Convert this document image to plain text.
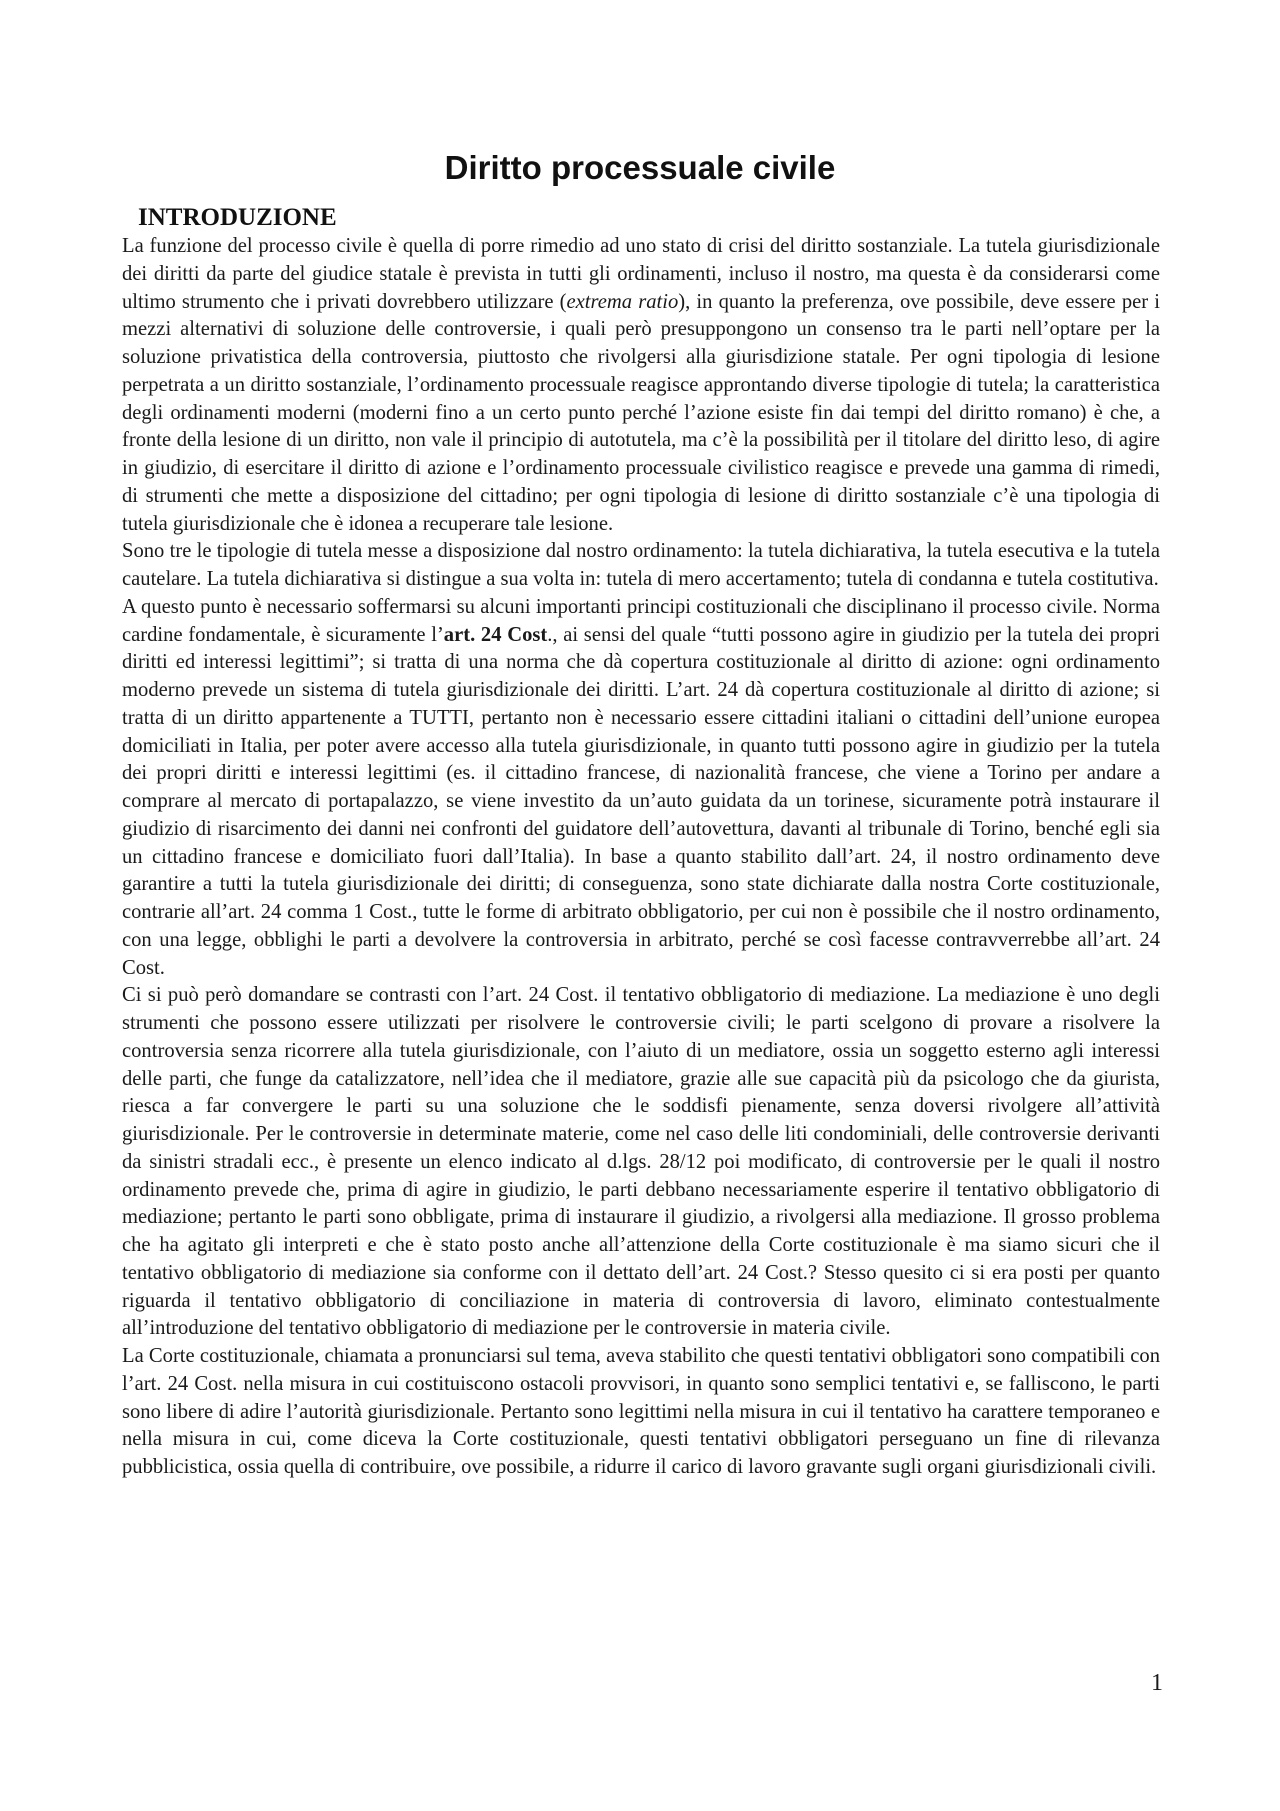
Diritto processuale civile
INTRODUZIONE

La funzione del processo civile è quella di porre rimedio ad uno stato di crisi del diritto sostanziale. La tutela giurisdizionale dei diritti da parte del giudice statale è prevista in tutti gli ordinamenti, incluso il nostro, ma questa è da considerarsi come ultimo strumento che i privati dovrebbero utilizzare (extrema ratio), in quanto la preferenza, ove possibile, deve essere per i mezzi alternativi di soluzione delle controversie, i quali però presuppongono un consenso tra le parti nell’optare per la soluzione privatistica della controversia, piuttosto che rivolgersi alla giurisdizione statale. Per ogni tipologia di lesione perpetrata a un diritto sostanziale, l’ordinamento processuale reagisce approntando diverse tipologie di tutela; la caratteristica degli ordinamenti moderni (moderni fino a un certo punto perché l’azione esiste fin dai tempi del diritto romano) è che, a fronte della lesione di un diritto, non vale il principio di autotutela, ma c’è la possibilità per il titolare del diritto leso, di agire in giudizio, di esercitare il diritto di azione e l’ordinamento processuale civilistico reagisce e prevede una gamma di rimedi, di strumenti che mette a disposizione del cittadino; per ogni tipologia di lesione di diritto sostanziale c’è una tipologia di tutela giurisdizionale che è idonea a recuperare tale lesione.

Sono tre le tipologie di tutela messe a disposizione dal nostro ordinamento: la tutela dichiarativa, la tutela esecutiva e la tutela cautelare. La tutela dichiarativa si distingue a sua volta in: tutela di mero accertamento; tutela di condanna e tutela costitutiva.

A questo punto è necessario soffermarsi su alcuni importanti principi costituzionali che disciplinano il processo civile. Norma cardine fondamentale, è sicuramente l’art. 24 Cost., ai sensi del quale “tutti possono agire in giudizio per la tutela dei propri diritti ed interessi legittimi”; si tratta di una norma che dà copertura costituzionale al diritto di azione: ogni ordinamento moderno prevede un sistema di tutela giurisdizionale dei diritti. L’art. 24 dà copertura costituzionale al diritto di azione; si tratta di un diritto appartenente a TUTTI, pertanto non è necessario essere cittadini italiani o cittadini dell’unione europea domiciliati in Italia, per poter avere accesso alla tutela giurisdizionale, in quanto tutti possono agire in giudizio per la tutela dei propri diritti e interessi legittimi (es. il cittadino francese, di nazionalità francese, che viene a Torino per andare a comprare al mercato di portapalazzo, se viene investito da un’auto guidata da un torinese, sicuramente potrà instaurare il giudizio di risarcimento dei danni nei confronti del guidatore dell’autovettura, davanti al tribunale di Torino, benché egli sia un cittadino francese e domiciliato fuori dall’Italia). In base a quanto stabilito dall’art. 24, il nostro ordinamento deve garantire a tutti la tutela giurisdizionale dei diritti; di conseguenza, sono state dichiarate dalla nostra Corte costituzionale, contrarie all’art. 24 comma 1 Cost., tutte le forme di arbitrato obbligatorio, per cui non è possibile che il nostro ordinamento, con una legge, obblighi le parti a devolvere la controversia in arbitrato, perché se così facesse contravverrebbe all’art. 24 Cost.

Ci si può però domandare se contrasti con l’art. 24 Cost. il tentativo obbligatorio di mediazione. La mediazione è uno degli strumenti che possono essere utilizzati per risolvere le controversie civili; le parti scelgono di provare a risolvere la controversia senza ricorrere alla tutela giurisdizionale, con l’aiuto di un mediatore, ossia un soggetto esterno agli interessi delle parti, che funge da catalizzatore, nell’idea che il mediatore, grazie alle sue capacità più da psicologo che da giurista, riesca a far convergere le parti su una soluzione che le soddisfi pienamente, senza doversi rivolgere all’attività giurisdizionale. Per le controversie in determinate materie, come nel caso delle liti condominiali, delle controversie derivanti da sinistri stradali ecc., è presente un elenco indicato al d.lgs. 28/12 poi modificato, di controversie per le quali il nostro ordinamento prevede che, prima di agire in giudizio, le parti debbano necessariamente esperire il tentativo obbligatorio di mediazione; pertanto le parti sono obbligate, prima di instaurare il giudizio, a rivolgersi alla mediazione. Il grosso problema che ha agitato gli interpreti e che è stato posto anche all’attenzione della Corte costituzionale è ma siamo sicuri che il tentativo obbligatorio di mediazione sia conforme con il dettato dell’art. 24 Cost.? Stesso quesito ci si era posti per quanto riguarda il tentativo obbligatorio di conciliazione in materia di controversia di lavoro, eliminato contestualmente all’introduzione del tentativo obbligatorio di mediazione per le controversie in materia civile.

La Corte costituzionale, chiamata a pronunciarsi sul tema, aveva stabilito che questi tentativi obbligatori sono compatibili con l’art. 24 Cost. nella misura in cui costituiscono ostacoli provvisori, in quanto sono semplici tentativi e, se falliscono, le parti sono libere di adire l’autorità giurisdizionale. Pertanto sono legittimi nella misura in cui il tentativo ha carattere temporaneo e nella misura in cui, come diceva la Corte costituzionale, questi tentativi obbligatori perseguano un fine di rilevanza pubblicistica, ossia quella di contribuire, ove possibile, a ridurre il carico di lavoro gravante sugli organi giurisdizionali civili.

1
